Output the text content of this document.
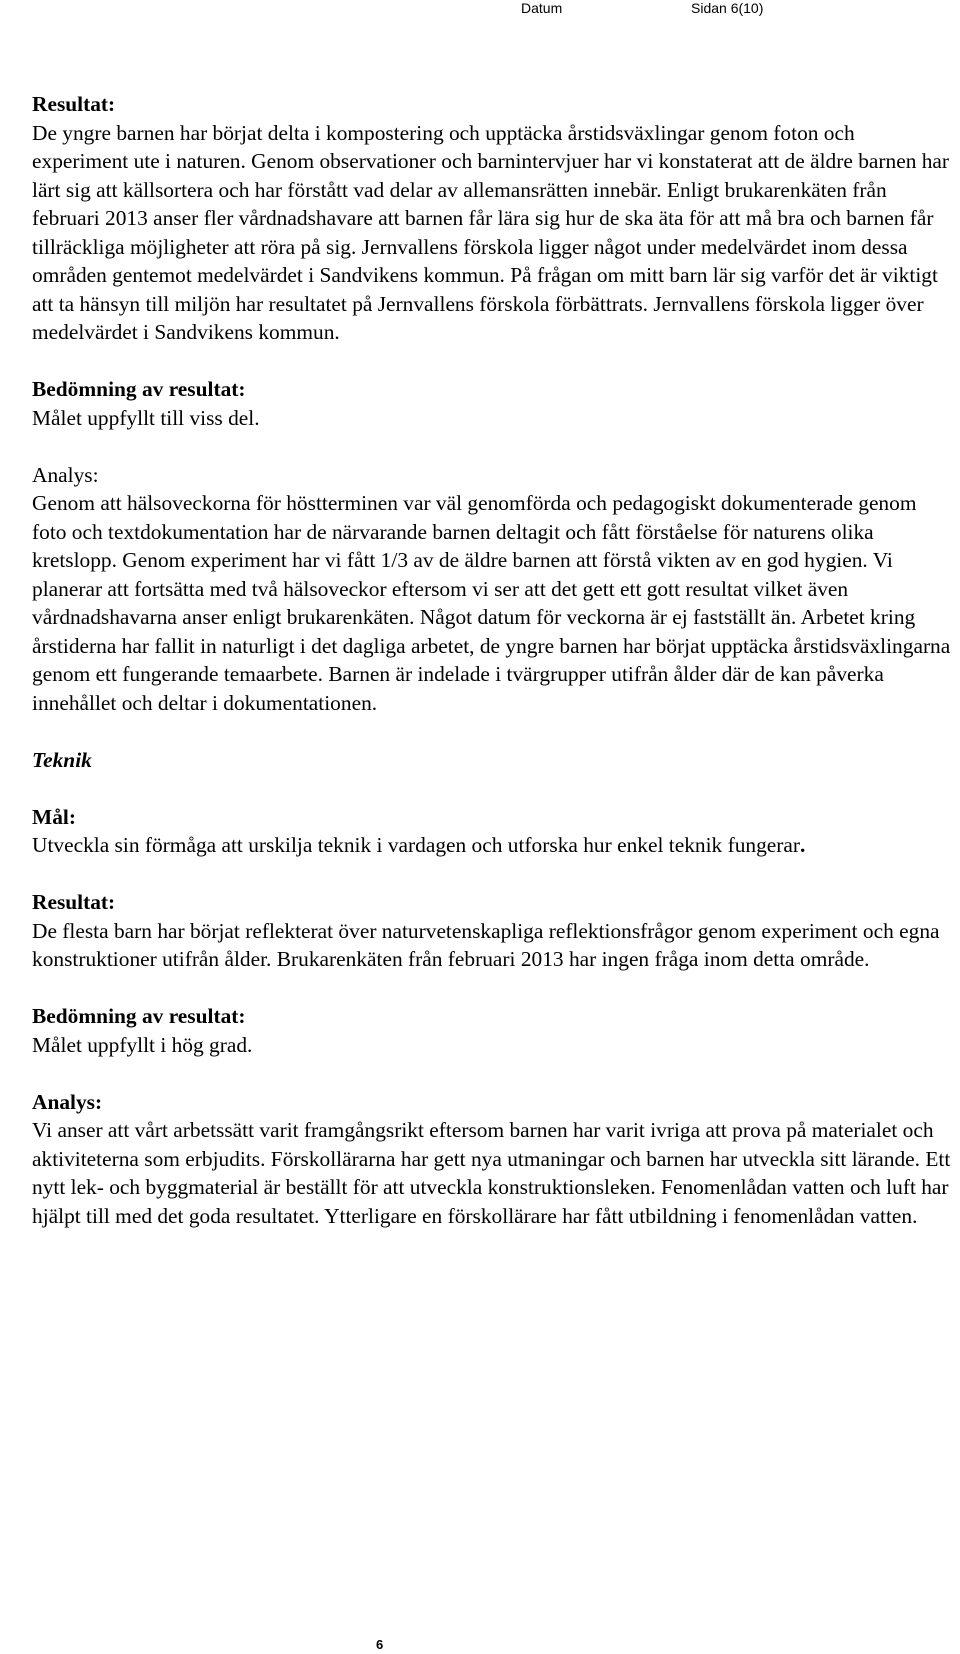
Datum	Sidan 6(10)

Resultat:

De yngre barnen har börjat delta i kompostering och upptäcka årstidsväxlingar genom foton och experiment ute i naturen. Genom observationer och barnintervjuer har vi konstaterat att de äldre barnen har lärt sig att källsortera och har förstått vad delar av allemansrätten innebär. Enligt brukarenkäten från februari 2013 anser fler vårdnadshavare att barnen får lära sig hur de ska äta för att må bra och barnen får tillräckliga möjligheter att röra på sig. Jernvallens förskola ligger något under medelvärdet inom dessa områden gentemot medelvärdet i Sandvikens kommun. På frågan om mitt barn lär sig varför det är viktigt att ta hänsyn till miljön har resultatet på Jernvallens förskola förbättrats. Jernvallens förskola ligger över medelvärdet i Sandvikens kommun.

Bedömning av resultat:

Målet uppfyllt till viss del.

Analys:

Genom att hälsoveckorna för höstterminen var väl genomförda och pedagogiskt dokumenterade genom foto och textdokumentation har de närvarande barnen deltagit och fått förståelse för naturens olika kretslopp. Genom experiment har vi fått 1/3 av de äldre barnen att förstå vikten av en god hygien. Vi planerar att fortsätta med två hälsoveckor eftersom vi ser att det gett ett gott resultat vilket även vårdnadshavarna anser enligt brukarenkäten. Något datum för veckorna är ej fastställt än. Arbetet kring årstiderna har fallit in naturligt i det dagliga arbetet, de yngre barnen har börjat upptäcka årstidsväxlingarna genom ett fungerande temaarbete. Barnen är indelade i tvärgrupper utifrån ålder där de kan påverka innehållet och deltar i dokumentationen.

Teknik

Mål:

Utveckla sin förmåga att urskilja teknik i vardagen och utforska hur enkel teknik fungerar.

Resultat:

De flesta barn har börjat reflekterat över naturvetenskapliga reflektionsfrågor genom experiment och egna konstruktioner utifrån ålder. Brukarenkäten från februari 2013 har ingen fråga inom detta område.

Bedömning av resultat:

Målet uppfyllt i hög grad.

Analys:

Vi anser att vårt arbetssätt varit framgångsrikt eftersom barnen har varit ivriga att prova på materialet och aktiviteterna som erbjudits. Förskollärarna har gett nya utmaningar och barnen har utveckla sitt lärande. Ett nytt lek- och byggmaterial är beställt för att utveckla konstruktionsleken. Fenomenlådan vatten och luft har hjälpt till med det goda resultatet. Ytterligare en förskollärare har fått utbildning i fenomenlådan vatten.

6
